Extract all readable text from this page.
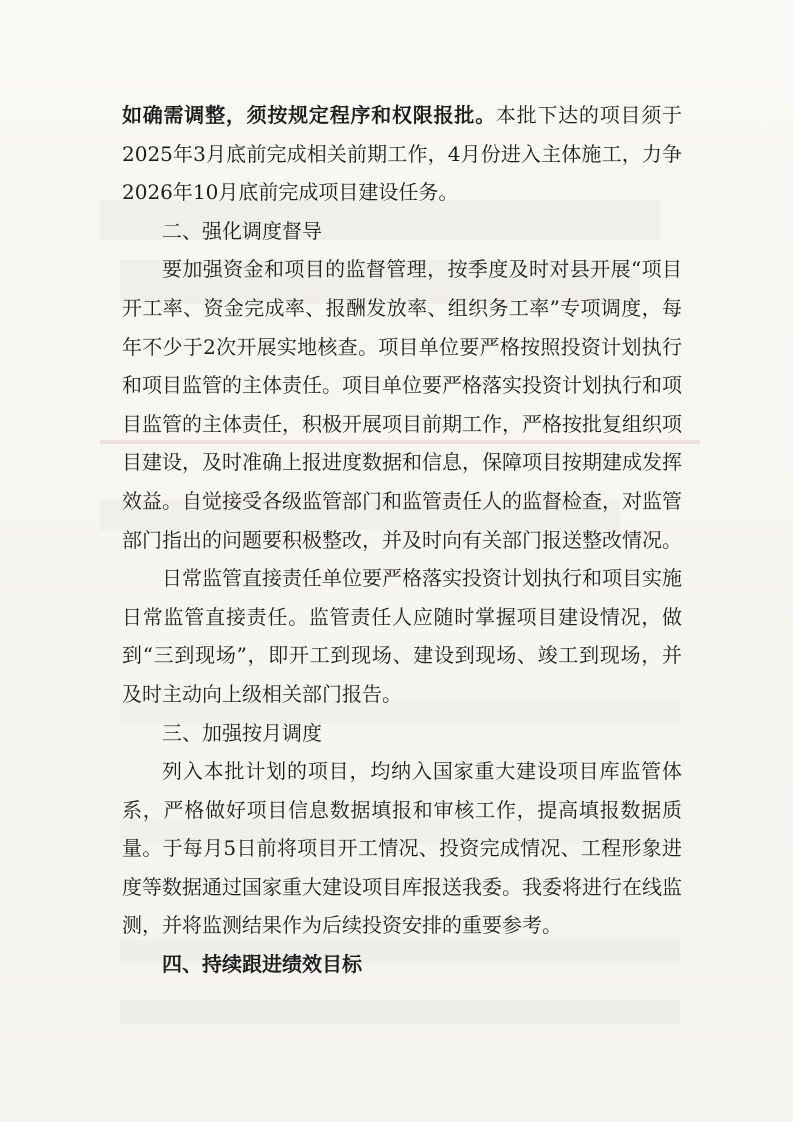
如确需调整，须按规定程序和权限报批。本批下达的项目须于2025年3月底前完成相关前期工作，4月份进入主体施工，力争2026年10月底前完成项目建设任务。

二、强化调度督导

要加强资金和项目的监督管理，按季度及时对县开展“项目开工率、资金完成率、报酬发放率、组织务工率”专项调度，每年不少于2次开展实地核查。项目单位要严格按照投资计划执行和项目监管的主体责任。项目单位要严格落实投资计划执行和项目监管的主体责任，积极开展项目前期工作，严格按批复组织项目建设，及时准确上报进度数据和信息，保障项目按期建成发挥效益。自觉接受各级监管部门和监管责任人的监督检查，对监管部门指出的问题要积极整改，并及时向有关部门报送整改情况。

日常监管直接责任单位要严格落实投资计划执行和项目实施日常监管直接责任。监管责任人应随时掌握项目建设情况，做到“三到现场”，即开工到现场、建设到现场、竣工到现场，并及时主动向上级相关部门报告。

三、加强按月调度

列入本批计划的项目，均纳入国家重大建设项目库监管体系，严格做好项目信息数据填报和审核工作，提高填报数据质量。于每月5日前将项目开工情况、投资完成情况、工程形象进度等数据通过国家重大建设项目库报送我委。我委将进行在线监测，并将监测结果作为后续投资安排的重要参考。

四、持续跟进绩效目标
